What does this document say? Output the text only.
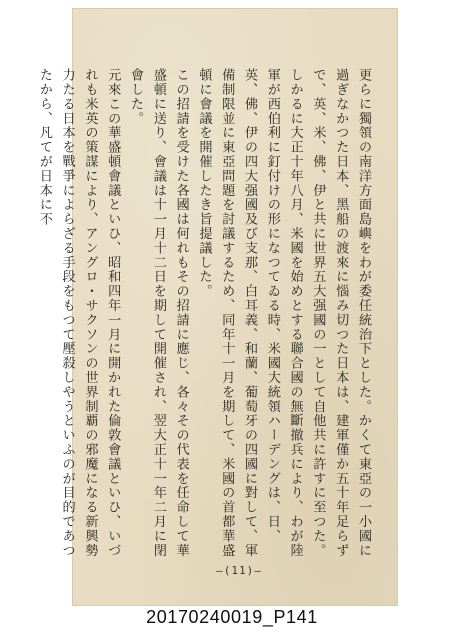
更らに獨領の南洋方面島嶼をわが委任統治下とした。かくて東亞の一小國に過ぎなかつた日本、黑船の渡來に惱み切つた日本は、建軍僅か五十年足らずで、英、米、佛、伊と共に世界五大强國の一として自他共に許すに至つた。

しかるに大正十年八月、米國を始めとする聯合國の無斷撤兵により、わが陸軍が西伯利に釘付けの形になつてゐる時、米國大統領ハーデングは、日、英、佛、伊の四大强國及び支那、白耳義、和蘭、葡萄牙の四國に對して、軍備制限並に東亞問題を討議するため、同年十一月を期して、米國の首都華盛頓に會議を開催したき旨提議した。

この招請を受けた各國は何れもその招請に應じ、各々その代表を任命して華盛頓に送り、會議は十一月十二日を期して開催され、翌大正十一年二月に閉會した。

元來この華盛頓會議といひ、昭和四年一月に開かれた倫敦會議といひ、いづれも米英の策謀により、アングロ・サクソンの世界制覇の邪魔になる新興勢力たる日本を戰爭によらざる手段をもつて壓殺しやうといふのが目的であつたから、凡てが日本に不

—(11)—
20170240019_P141
